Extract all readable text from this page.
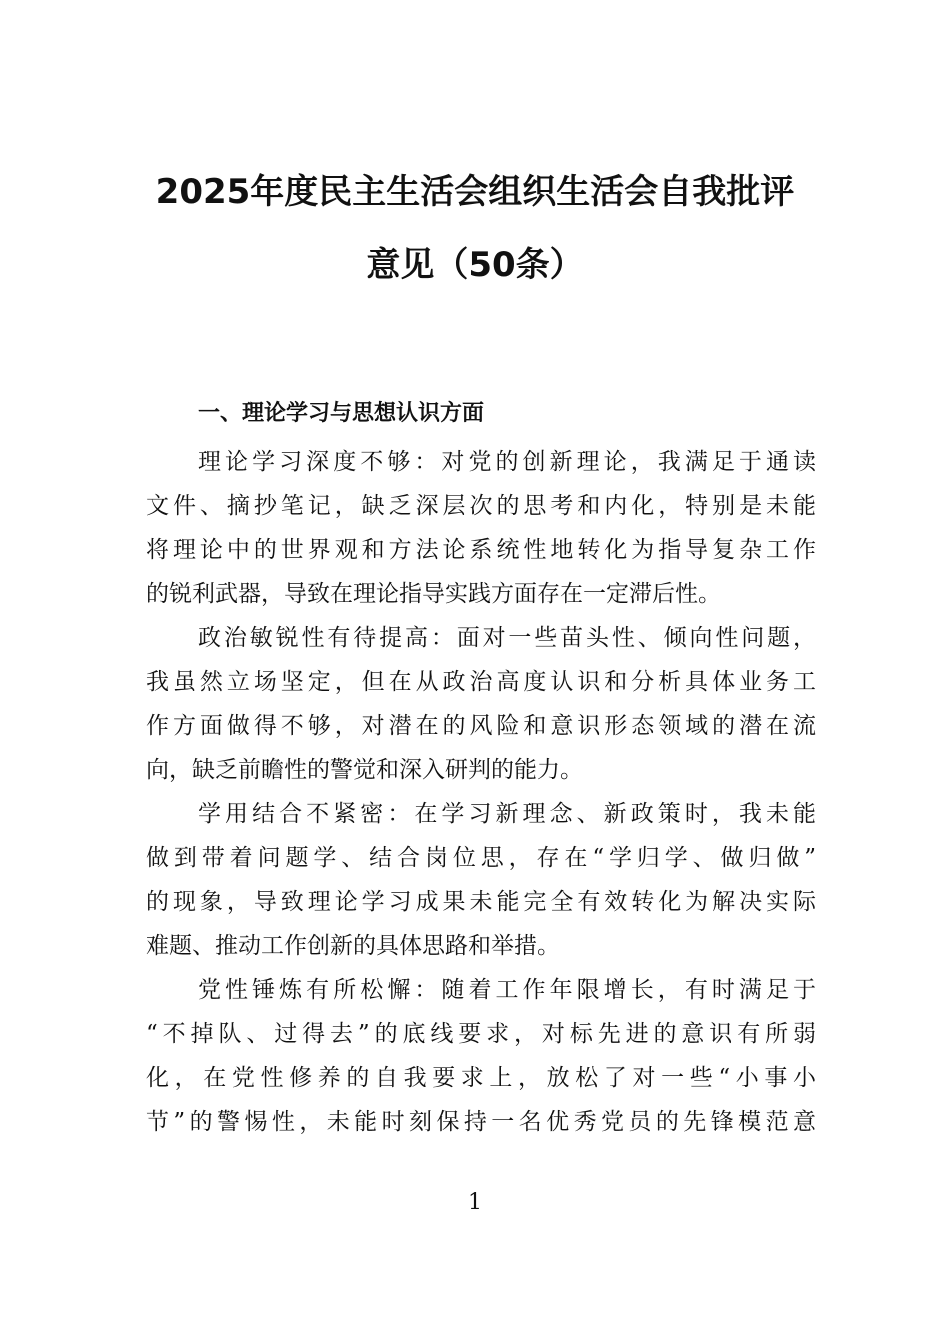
2025年度民主生活会组织生活会自我批评
意见（50条）
一、理论学习与思想认识方面
理论学习深度不够：对党的创新理论，我满足于通读
文件、摘抄笔记，缺乏深层次的思考和内化，特别是未能
将理论中的世界观和方法论系统性地转化为指导复杂工作
的锐利武器，导致在理论指导实践方面存在一定滞后性。
政治敏锐性有待提高：面对一些苗头性、倾向性问题，
我虽然立场坚定，但在从政治高度认识和分析具体业务工
作方面做得不够，对潜在的风险和意识形态领域的潜在流
向，缺乏前瞻性的警觉和深入研判的能力。
学用结合不紧密：在学习新理念、新政策时，我未能
做到带着问题学、结合岗位思，存在“学归学、做归做”
的现象，导致理论学习成果未能完全有效转化为解决实际
难题、推动工作创新的具体思路和举措。
党性锤炼有所松懈：随着工作年限增长，有时满足于
“不掉队、过得去”的底线要求，对标先进的意识有所弱
化，在党性修养的自我要求上，放松了对一些“小事小
节”的警惕性，未能时刻保持一名优秀党员的先锋模范意
1
